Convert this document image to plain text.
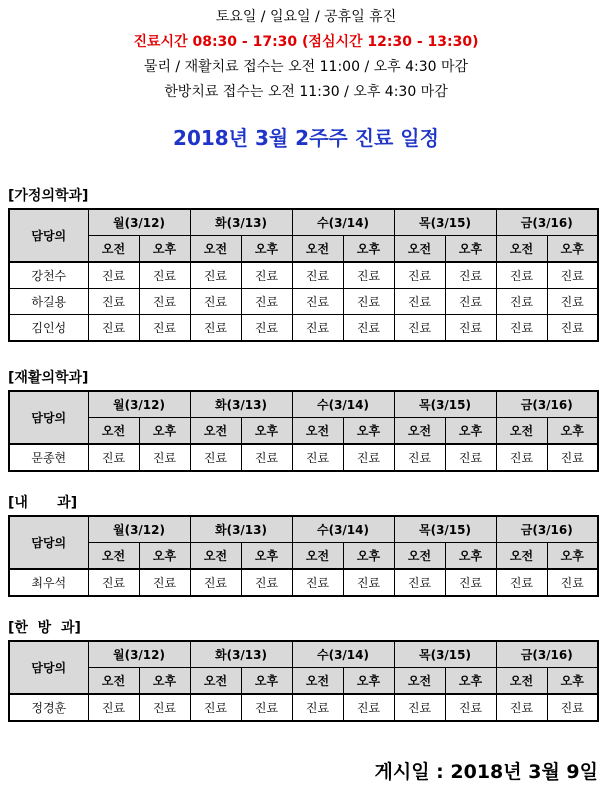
토요일 / 일요일 / 공휴일 휴진
진료시간 08:30 - 17:30 (점심시간 12:30 - 13:30)
물리 / 재활치료 접수는 오전 11:00 / 오후 4:30 마감
한방치료 접수는 오전 11:30 / 오후 4:30 마감
2018년 3월 2주주 진료 일정
[가정의학과]
담당의	월(3/12)		화(3/13)		수(3/14)		목(3/15)		금(3/16)	
	오전	오후	오전	오후	오전	오후	오전	오후	오전	오후
강천수	진료	진료	진료	진료	진료	진료	진료	진료	진료	진료
하길용	진료	진료	진료	진료	진료	진료	진료	진료	진료	진료
김인성	진료	진료	진료	진료	진료	진료	진료	진료	진료	진료
[재활의학과]
담당의	월(3/12)		화(3/13)		수(3/14)		목(3/15)		금(3/16)	
	오전	오후	오전	오후	오전	오후	오전	오후	오전	오후
문종현	진료	진료	진료	진료	진료	진료	진료	진료	진료	진료
[내      과]
담당의	월(3/12)		화(3/13)		수(3/14)		목(3/15)		금(3/16)	
	오전	오후	오전	오후	오전	오후	오전	오후	오전	오후
최우석	진료	진료	진료	진료	진료	진료	진료	진료	진료	진료
[한  방  과]
담당의	월(3/12)		화(3/13)		수(3/14)		목(3/15)		금(3/16)	
	오전	오후	오전	오후	오전	오후	오전	오후	오전	오후
정경훈	진료	진료	진료	진료	진료	진료	진료	진료	진료	진료
게시일 : 2018년 3월 9일
